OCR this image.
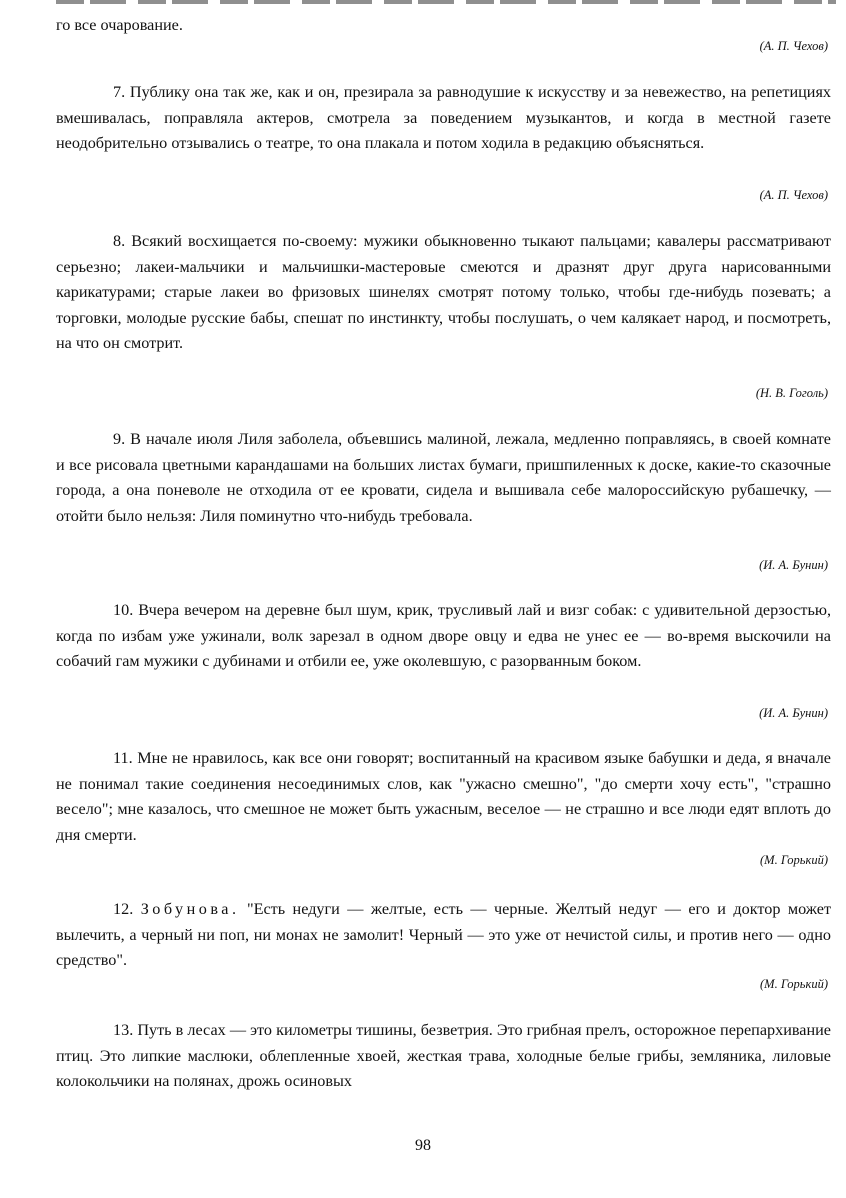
го все очарование.

(А. П. Чехов)

7. Публику она так же, как и он, презирала за равнодушие к искусству и за невежество, на репетициях вмешивалась, поправляла актеров, смотрела за поведением музыкантов, и когда в местной газете неодобрительно отзывались о театре, то она плакала и потом ходила в редакцию объясняться.

(А. П. Чехов)

8. Всякий восхищается по-своему: мужики обыкновенно тыкают пальцами; кавалеры рассматривают серьезно; лакеи-мальчики и мальчишки-мастеровые смеются и дразнят друг друга нарисованными карикатурами; старые лакеи во фризовых шинелях смотрят потому только, чтобы где-нибудь позевать; а торговки, молодые русские бабы, спешат по инстинкту, чтобы послушать, о чем калякает народ, и посмотреть, на что он смотрит.

(Н. В. Гоголь)

9. В начале июля Лиля заболела, объевшись малиной, лежала, медленно поправляясь, в своей комнате и все рисовала цветными карандашами на больших листах бумаги, пришпиленных к доске, какие-то сказочные города, а она поневоле не отходила от ее кровати, сидела и вышивала себе малороссийскую рубашечку, — отойти было нельзя: Лиля поминутно что-нибудь требовала.

(И. А. Бунин)

10. Вчера вечером на деревне был шум, крик, трусливый лай и визг собак: с удивительной дерзостью, когда по избам уже ужинали, волк зарезал в одном дворе овцу и едва не унес ее — во-время выскочили на собачий гам мужики с дубинами и отбили ее, уже околевшую, с разорванным боком.

(И. А. Бунин)

11. Мне не нравилось, как все они говорят; воспитанный на красивом языке бабушки и деда, я вначале не понимал такие соединения несоединимых слов, как "ужасно смешно", "до смерти хочу есть", "страшно весело"; мне казалось, что смешное не может быть ужасным, веселое — не страшно и все люди едят вплоть до дня смерти.

(М. Горький)

12. Зобунова. "Есть недуги — желтые, есть — черные. Желтый недуг — его и доктор может вылечить, а черный ни поп, ни монах не замолит! Черный — это уже от нечистой силы, и против него — одно средство".

(М. Горький)

13. Путь в лесах — это километры тишины, безветрия. Это грибная прелъ, осторожное перепархивание птиц. Это липкие маслюки, облепленные хвоей, жесткая трава, холодные белые грибы, земляника, лиловые колокольчики на полянах, дрожь осиновых

98
